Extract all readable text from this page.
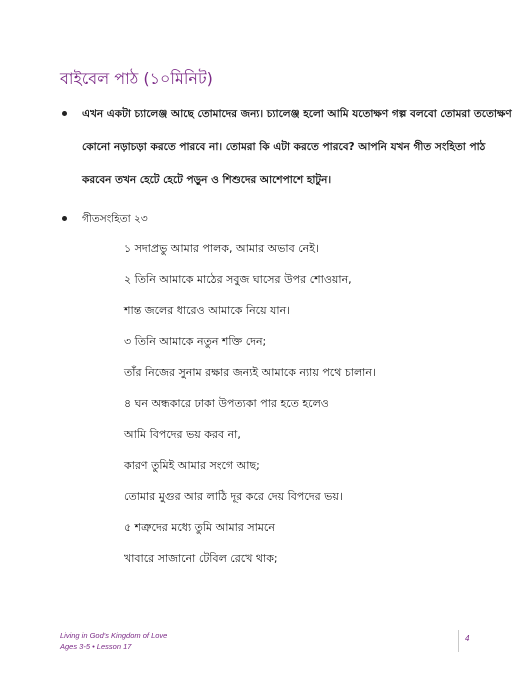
বাইবেল পাঠ (১০মিনিট)
এখন একটা চ্যালেঞ্জ আছে তোমাদের জন্য। চ্যালেঞ্জ হলো আমি যতোক্ষণ গল্প বলবো তোমরা ততোক্ষণ
কোনো নড়াচড়া করতে পারবে না। তোমরা কি এটা করতে পারবে? আপনি যখন গীত সংহিতা পাঠ
করবেন তখন হেটে হেটে পড়ুন ও শিশুদের আশেপাশে হাটুন।
গীতসংহিতা ২৩
১ সদাপ্রভু আমার পালক, আমার অভাব নেই।
২ তিনি আমাকে মাঠের সবুজ ঘাসের উপর শোওয়ান,
শান্ত জলের ধারেও আমাকে নিয়ে যান।
৩ তিনি আমাকে নতুন শক্তি দেন;
তাঁর নিজের সুনাম রক্ষার জন্যই আমাকে ন্যায় পথে চালান।
৪ ঘন অন্ধকারে ঢাকা উপত্যকা পার হতে হলেও
আমি বিপদের ভয় করব না,
কারণ তুমিই আমার সংগে আছ;
তোমার মুগুর আর লাঠি দূর করে দেয় বিপদের ভয়।
৫ শত্রুদের মধ্যে তুমি আমার সামনে
খাবারে সাজানো টেবিল রেখে থাক;
Living in God's Kingdom of Love
Ages 3-5 • Lesson 17
4
